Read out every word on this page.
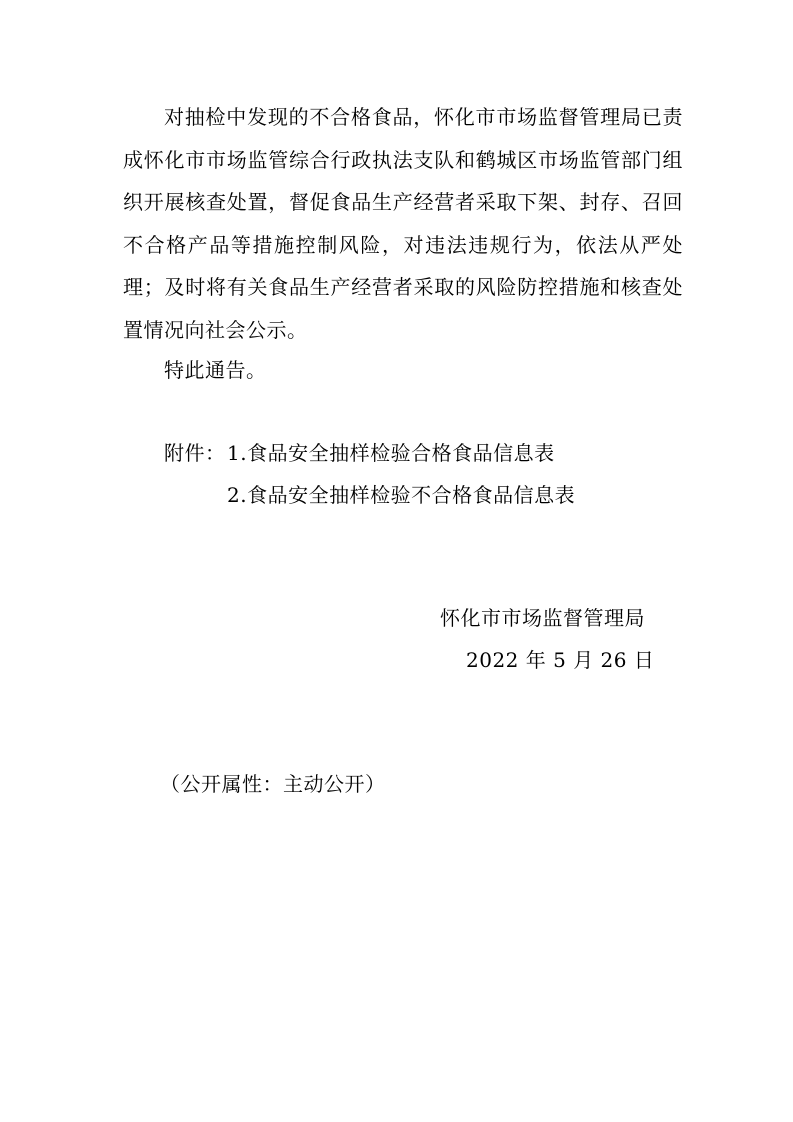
对抽检中发现的不合格食品，怀化市市场监督管理局已责成怀化市市场监管综合行政执法支队和鹤城区市场监管部门组织开展核查处置，督促食品生产经营者采取下架、封存、召回不合格产品等措施控制风险，对违法违规行为，依法从严处理；及时将有关食品生产经营者采取的风险防控措施和核查处置情况向社会公示。

特此通告。

附件： 1.食品安全抽样检验合格食品信息表

2.食品安全抽样检验不合格食品信息表

怀化市市场监督管理局

2022 年 5 月 26 日

（公开属性：主动公开）
